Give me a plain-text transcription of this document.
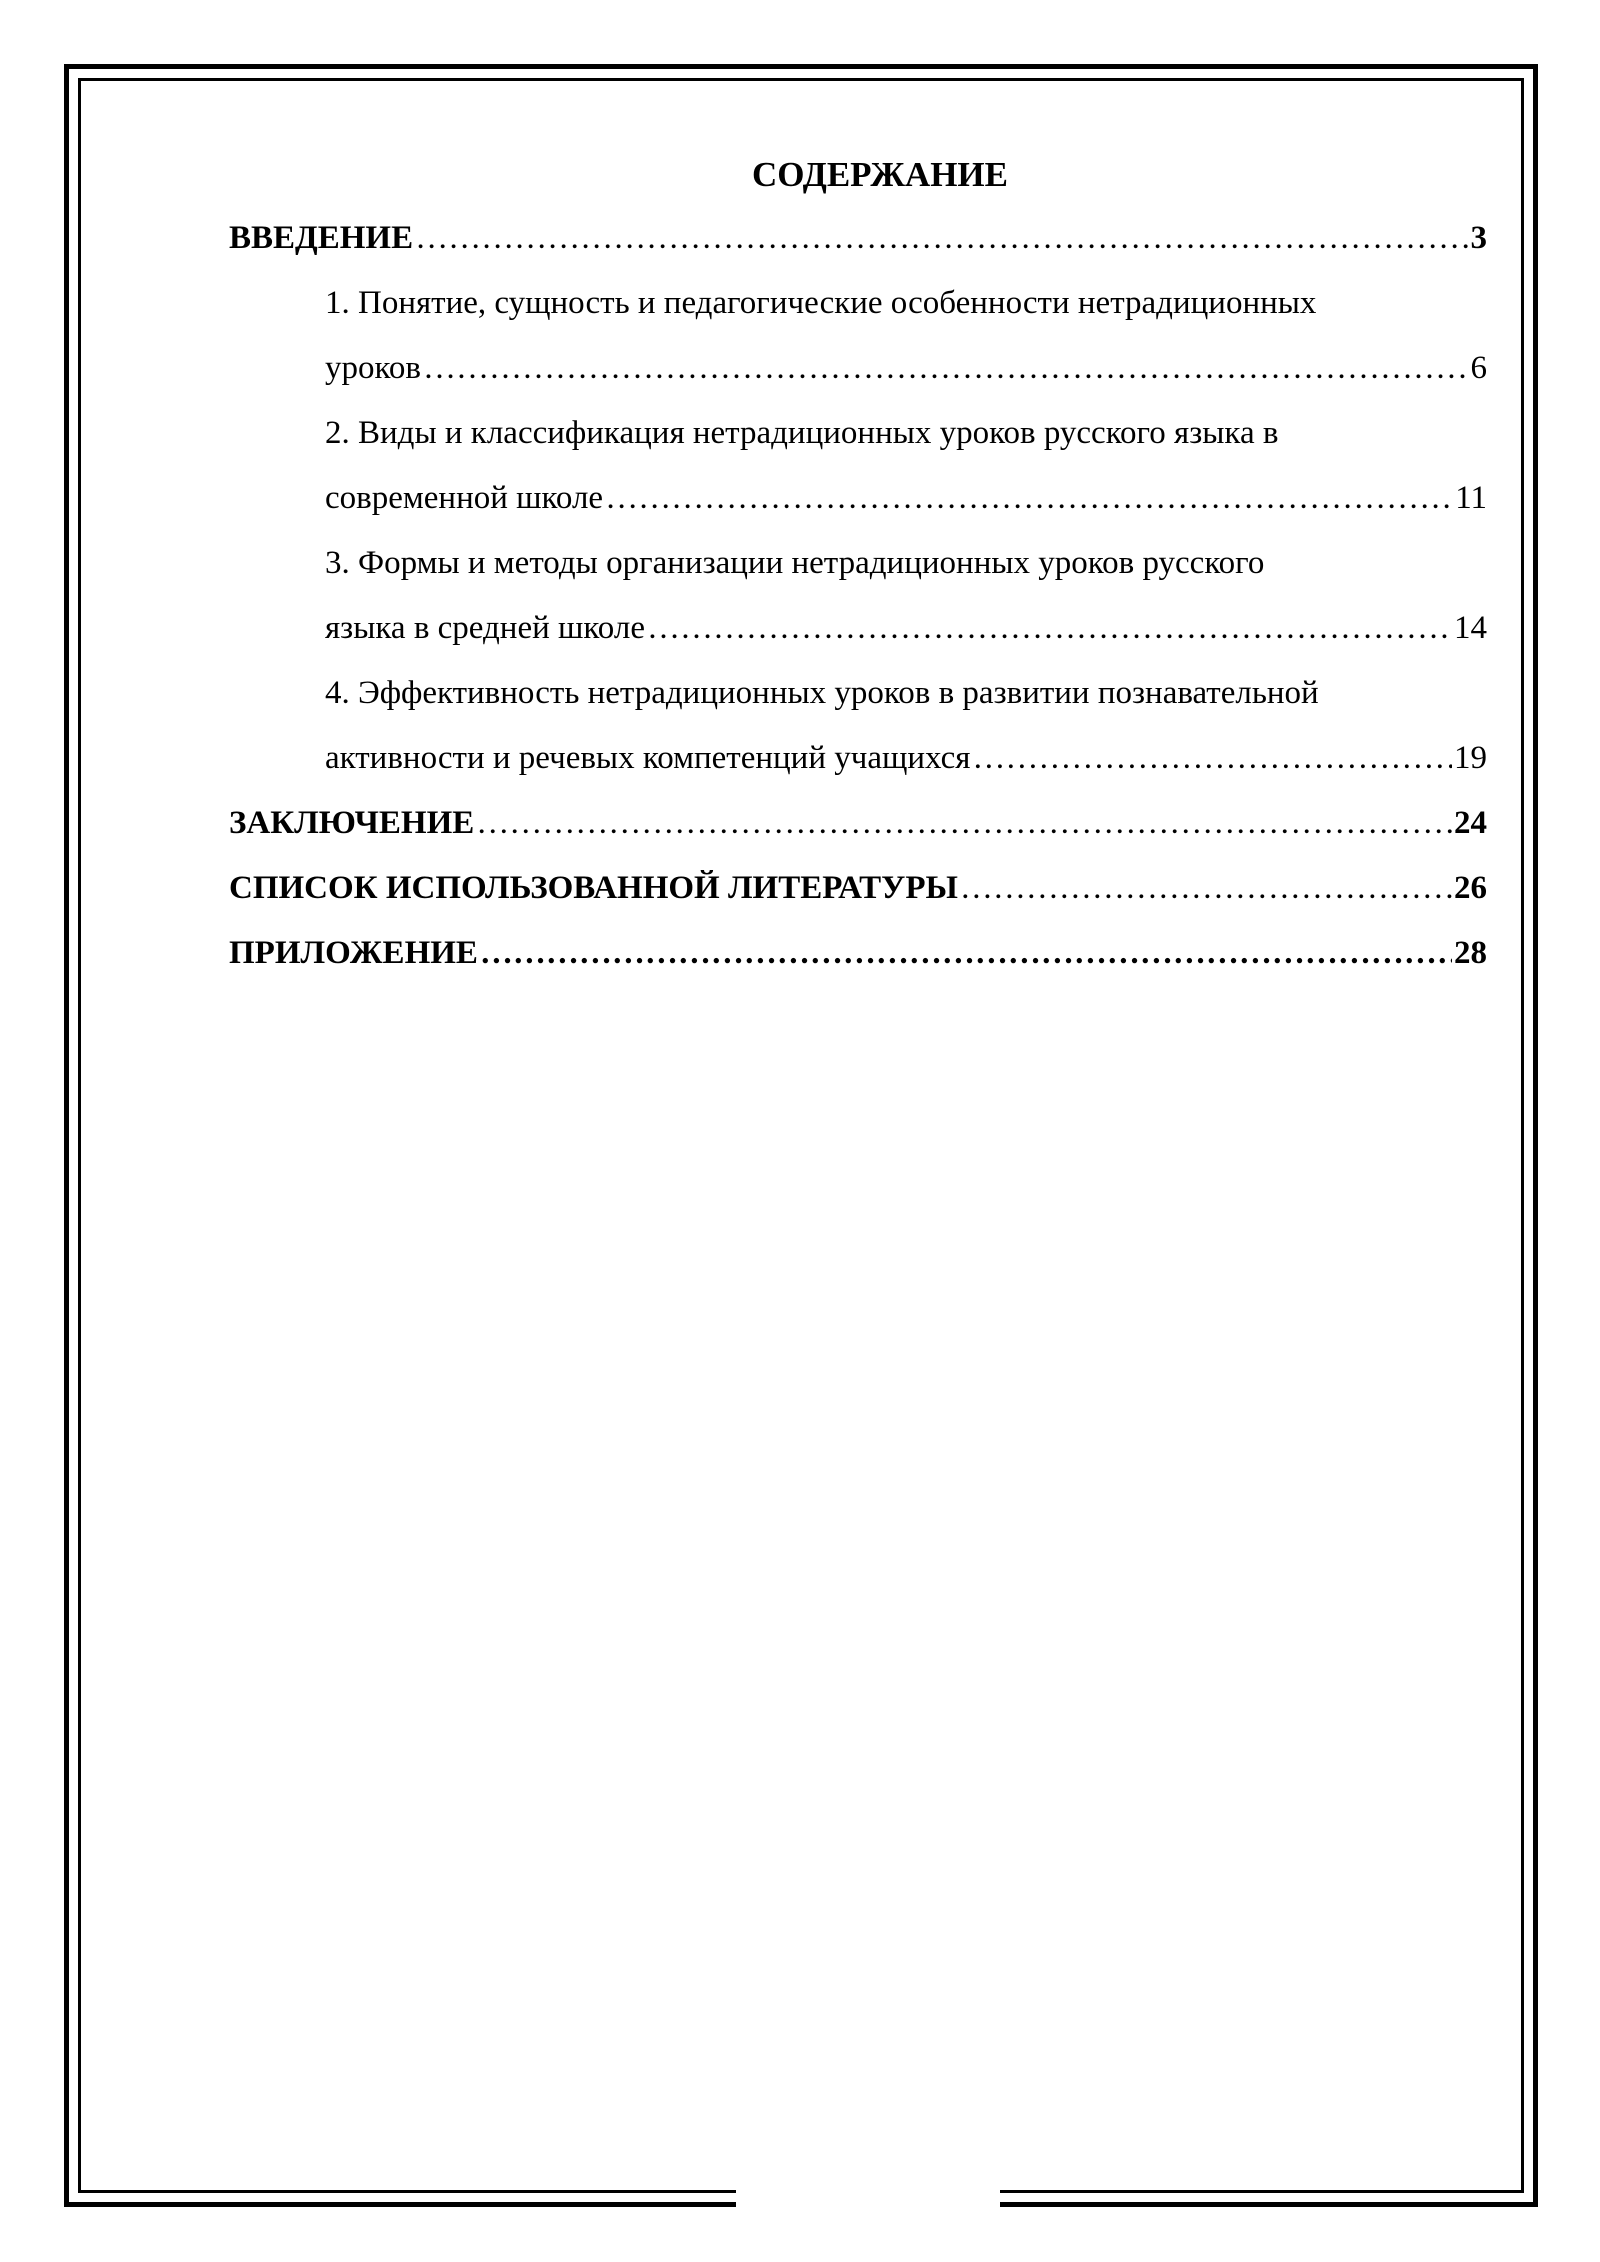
СОДЕРЖАНИЕ
ВВЕДЕНИЕ ………………………………………………………………………………………………………………………………………………………………………………………………	3
1. Понятие, сущность и педагогические особенности нетрадиционных
уроков ………………………………………………………………………………………………………………………………………………………………………………………………	6
2. Виды и классификация нетрадиционных уроков русского языка в
современной школе ………………………………………………………………………………………………………………………………………………………………………………………………	11
3. Формы и методы организации нетрадиционных уроков русского
языка в средней школе ………………………………………………………………………………………………………………………………………………………………………………………………	14
4. Эффективность нетрадиционных уроков в развитии познавательной
активности и речевых компетенций учащихся ………………………………………………………………………………………………………………………………………………………………………………………………	19
ЗАКЛЮЧЕНИЕ ………………………………………………………………………………………………………………………………………………………………………………………………	24
СПИСОК ИСПОЛЬЗОВАННОЙ ЛИТЕРАТУРЫ ………………………………………………………………………………………………………………………………………………………………………………………………	26
ПРИЛОЖЕНИЕ ………………………………………………………………………………………………………………………………………………………………………………………………	28
